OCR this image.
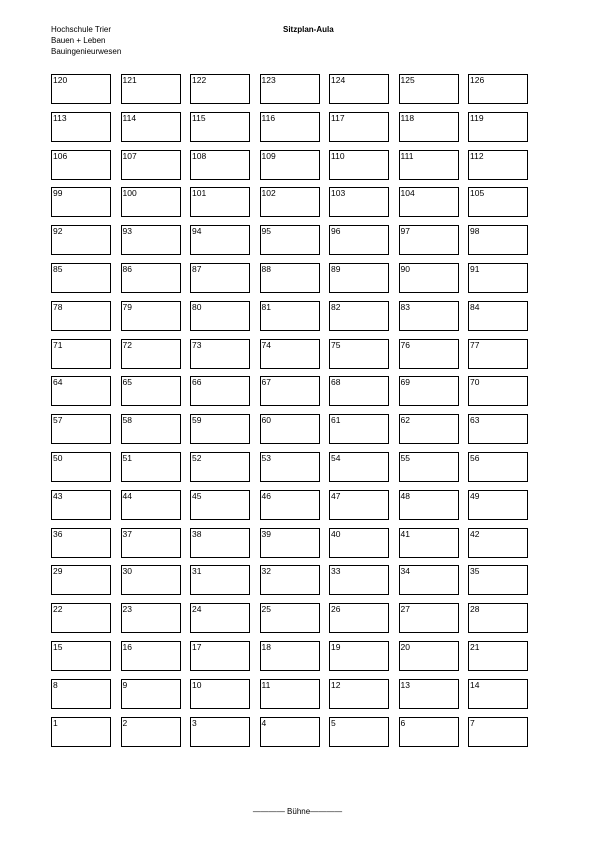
Hochschule Trier
Bauen + Leben
Bauingenieurwesen
Sitzplan-Aula
120	121	122	123	124	125	126
113	114	115	116	117	118	119
106	107	108	109	110	111	112
99	100	101	102	103	104	105
92	93	94	95	96	97	98
85	86	87	88	89	90	91
78	79	80	81	82	83	84
71	72	73	74	75	76	77
64	65	66	67	68	69	70
57	58	59	60	61	62	63
50	51	52	53	54	55	56
43	44	45	46	47	48	49
36	37	38	39	40	41	42
29	30	31	32	33	34	35
22	23	24	25	26	27	28
15	16	17	18	19	20	21
8	9	10	11	12	13	14
1	2	3	4	5	6	7
———— Bühne————
